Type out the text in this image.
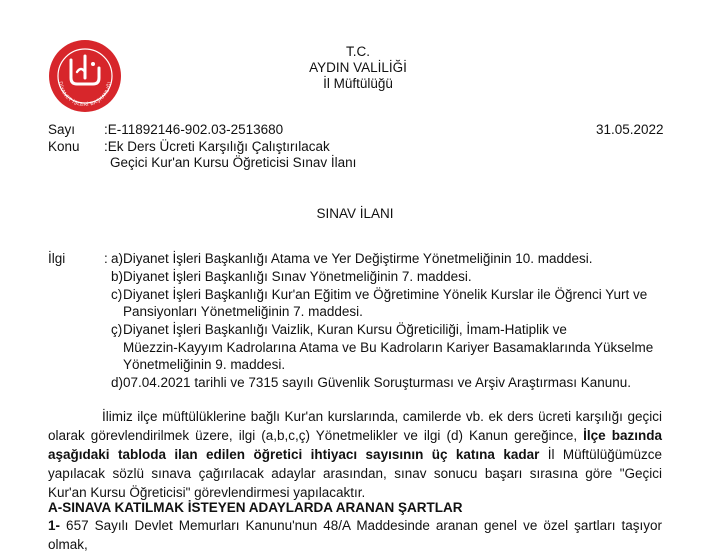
DİYANET İŞLERİ BAŞKANLIĞI
T.C.
AYDIN VALİLİĞİ
İl Müftülüğü
Sayı :E-11892146-902.03-2513680	31.05.2022
Konu :Ek Ders Ücreti Karşılığı Çalıştırılacak
Geçici Kur'an Kursu Öğreticisi Sınav İlanı
SINAV İLANI
İlgi	: a) Diyanet İşleri Başkanlığı Atama ve Yer Değiştirme Yönetmeliğinin 10. maddesi.
b) Diyanet İşleri Başkanlığı Sınav Yönetmeliğinin 7. maddesi.
c) Diyanet İşleri Başkanlığı Kur'an Eğitim ve Öğretimine Yönelik Kurslar ile Öğrenci Yurt ve
Pansiyonları Yönetmeliğinin 7. maddesi.
ç) Diyanet İşleri Başkanlığı Vaizlik, Kuran Kursu Öğreticiliği, İmam-Hatiplik ve
Müezzin-Kayyım Kadrolarına Atama ve Bu Kadroların Kariyer Basamaklarında Yükselme
Yönetmeliğinin 9. maddesi.
d) 07.04.2021 tarihli ve 7315 sayılı Güvenlik Soruşturması ve Arşiv Araştırması Kanunu.
İlimiz ilçe müftülüklerine bağlı Kur'an kurslarında, camilerde vb. ek ders ücreti karşılığı geçici olarak görevlendirilmek üzere, ilgi (a,b,c,ç) Yönetmelikler ve ilgi (d) Kanun gereğince, İlçe bazında aşağıdaki tabloda ilan edilen öğretici ihtiyacı sayısının üç katına kadar İl Müftülüğümüzce yapılacak sözlü sınava çağırılacak adaylar arasından, sınav sonucu başarı sırasına göre "Geçici Kur'an Kursu Öğreticisi" görevlendirmesi yapılacaktır.
A-SINAVA KATILMAK İSTEYEN ADAYLARDA ARANAN ŞARTLAR
1- 657 Sayılı Devlet Memurları Kanunu'nun 48/A Maddesinde aranan genel ve özel şartları taşıyor olmak,
